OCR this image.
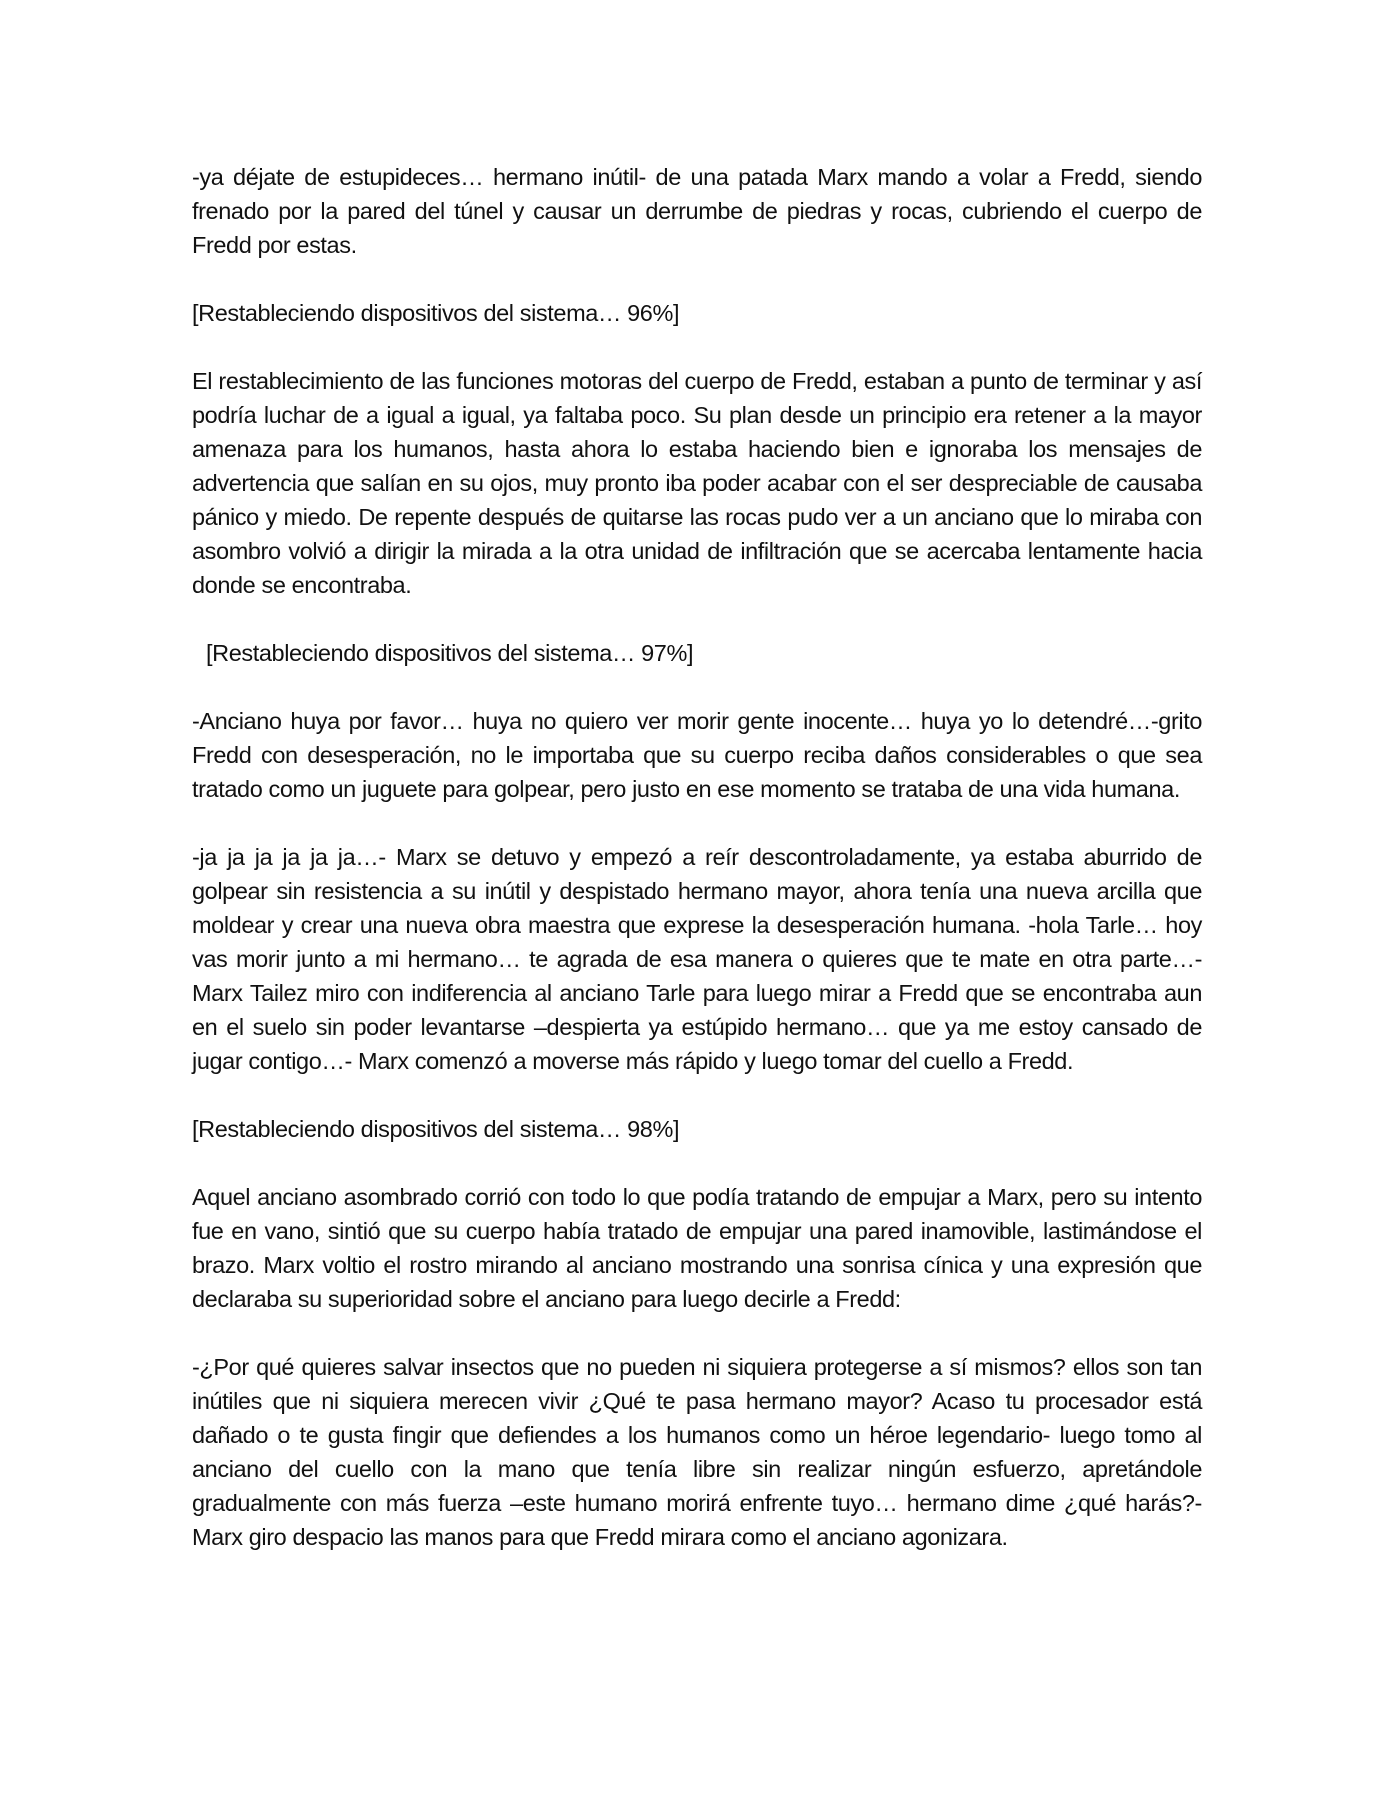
-ya déjate de estupideces… hermano inútil- de una patada Marx mando a volar a Fredd, siendo frenado por la pared del túnel y causar un derrumbe de piedras y rocas, cubriendo el cuerpo de Fredd por estas.

[Restableciendo dispositivos del sistema… 96%]

El restablecimiento de las funciones motoras del cuerpo de Fredd, estaban a punto de terminar y así podría luchar de a igual a igual, ya faltaba poco. Su plan desde un principio era retener a la mayor amenaza para los humanos, hasta ahora lo estaba haciendo bien e ignoraba los mensajes de advertencia que salían en su ojos, muy pronto iba poder acabar con el ser despreciable de causaba pánico y miedo. De repente después de quitarse las rocas pudo ver a un anciano que lo miraba con asombro volvió a dirigir la mirada a la otra unidad de infiltración que se acercaba lentamente hacia donde se encontraba.

[Restableciendo dispositivos del sistema… 97%]

-Anciano huya por favor… huya no quiero ver morir gente inocente… huya yo lo detendré…-grito Fredd con desesperación, no le importaba que su cuerpo reciba daños considerables o que sea tratado como un juguete para golpear, pero justo en ese momento se trataba de una vida humana.

-ja ja ja ja ja ja…- Marx se detuvo y empezó a reír descontroladamente, ya estaba aburrido de golpear sin resistencia a su inútil y despistado hermano mayor, ahora tenía una nueva arcilla que moldear y crear una nueva obra maestra que exprese la desesperación humana. -hola Tarle… hoy vas morir junto a mi hermano… te agrada de esa manera o quieres que te mate en otra parte…- Marx Tailez miro con indiferencia al anciano Tarle para luego mirar a Fredd que se encontraba aun en el suelo sin poder levantarse –despierta ya estúpido hermano… que ya me estoy cansado de jugar contigo…- Marx comenzó a moverse más rápido y luego tomar del cuello a Fredd.

[Restableciendo dispositivos del sistema… 98%]

Aquel anciano asombrado corrió con todo lo que podía tratando de empujar a Marx, pero su intento fue en vano, sintió que su cuerpo había tratado de empujar una pared inamovible, lastimándose el brazo. Marx voltio el rostro mirando al anciano mostrando una sonrisa cínica y una expresión que declaraba su superioridad sobre el anciano para luego decirle a Fredd:

-¿Por qué quieres salvar insectos que no pueden ni siquiera protegerse a sí mismos? ellos son tan inútiles que ni siquiera merecen vivir ¿Qué te pasa hermano mayor? Acaso tu procesador está dañado o te gusta fingir que defiendes a los humanos como un héroe legendario- luego tomo al anciano del cuello con la mano que tenía libre sin realizar ningún esfuerzo, apretándole gradualmente con más fuerza –este humano morirá enfrente tuyo… hermano dime ¿qué harás?- Marx giro despacio las manos para que Fredd mirara como el anciano agonizara.
